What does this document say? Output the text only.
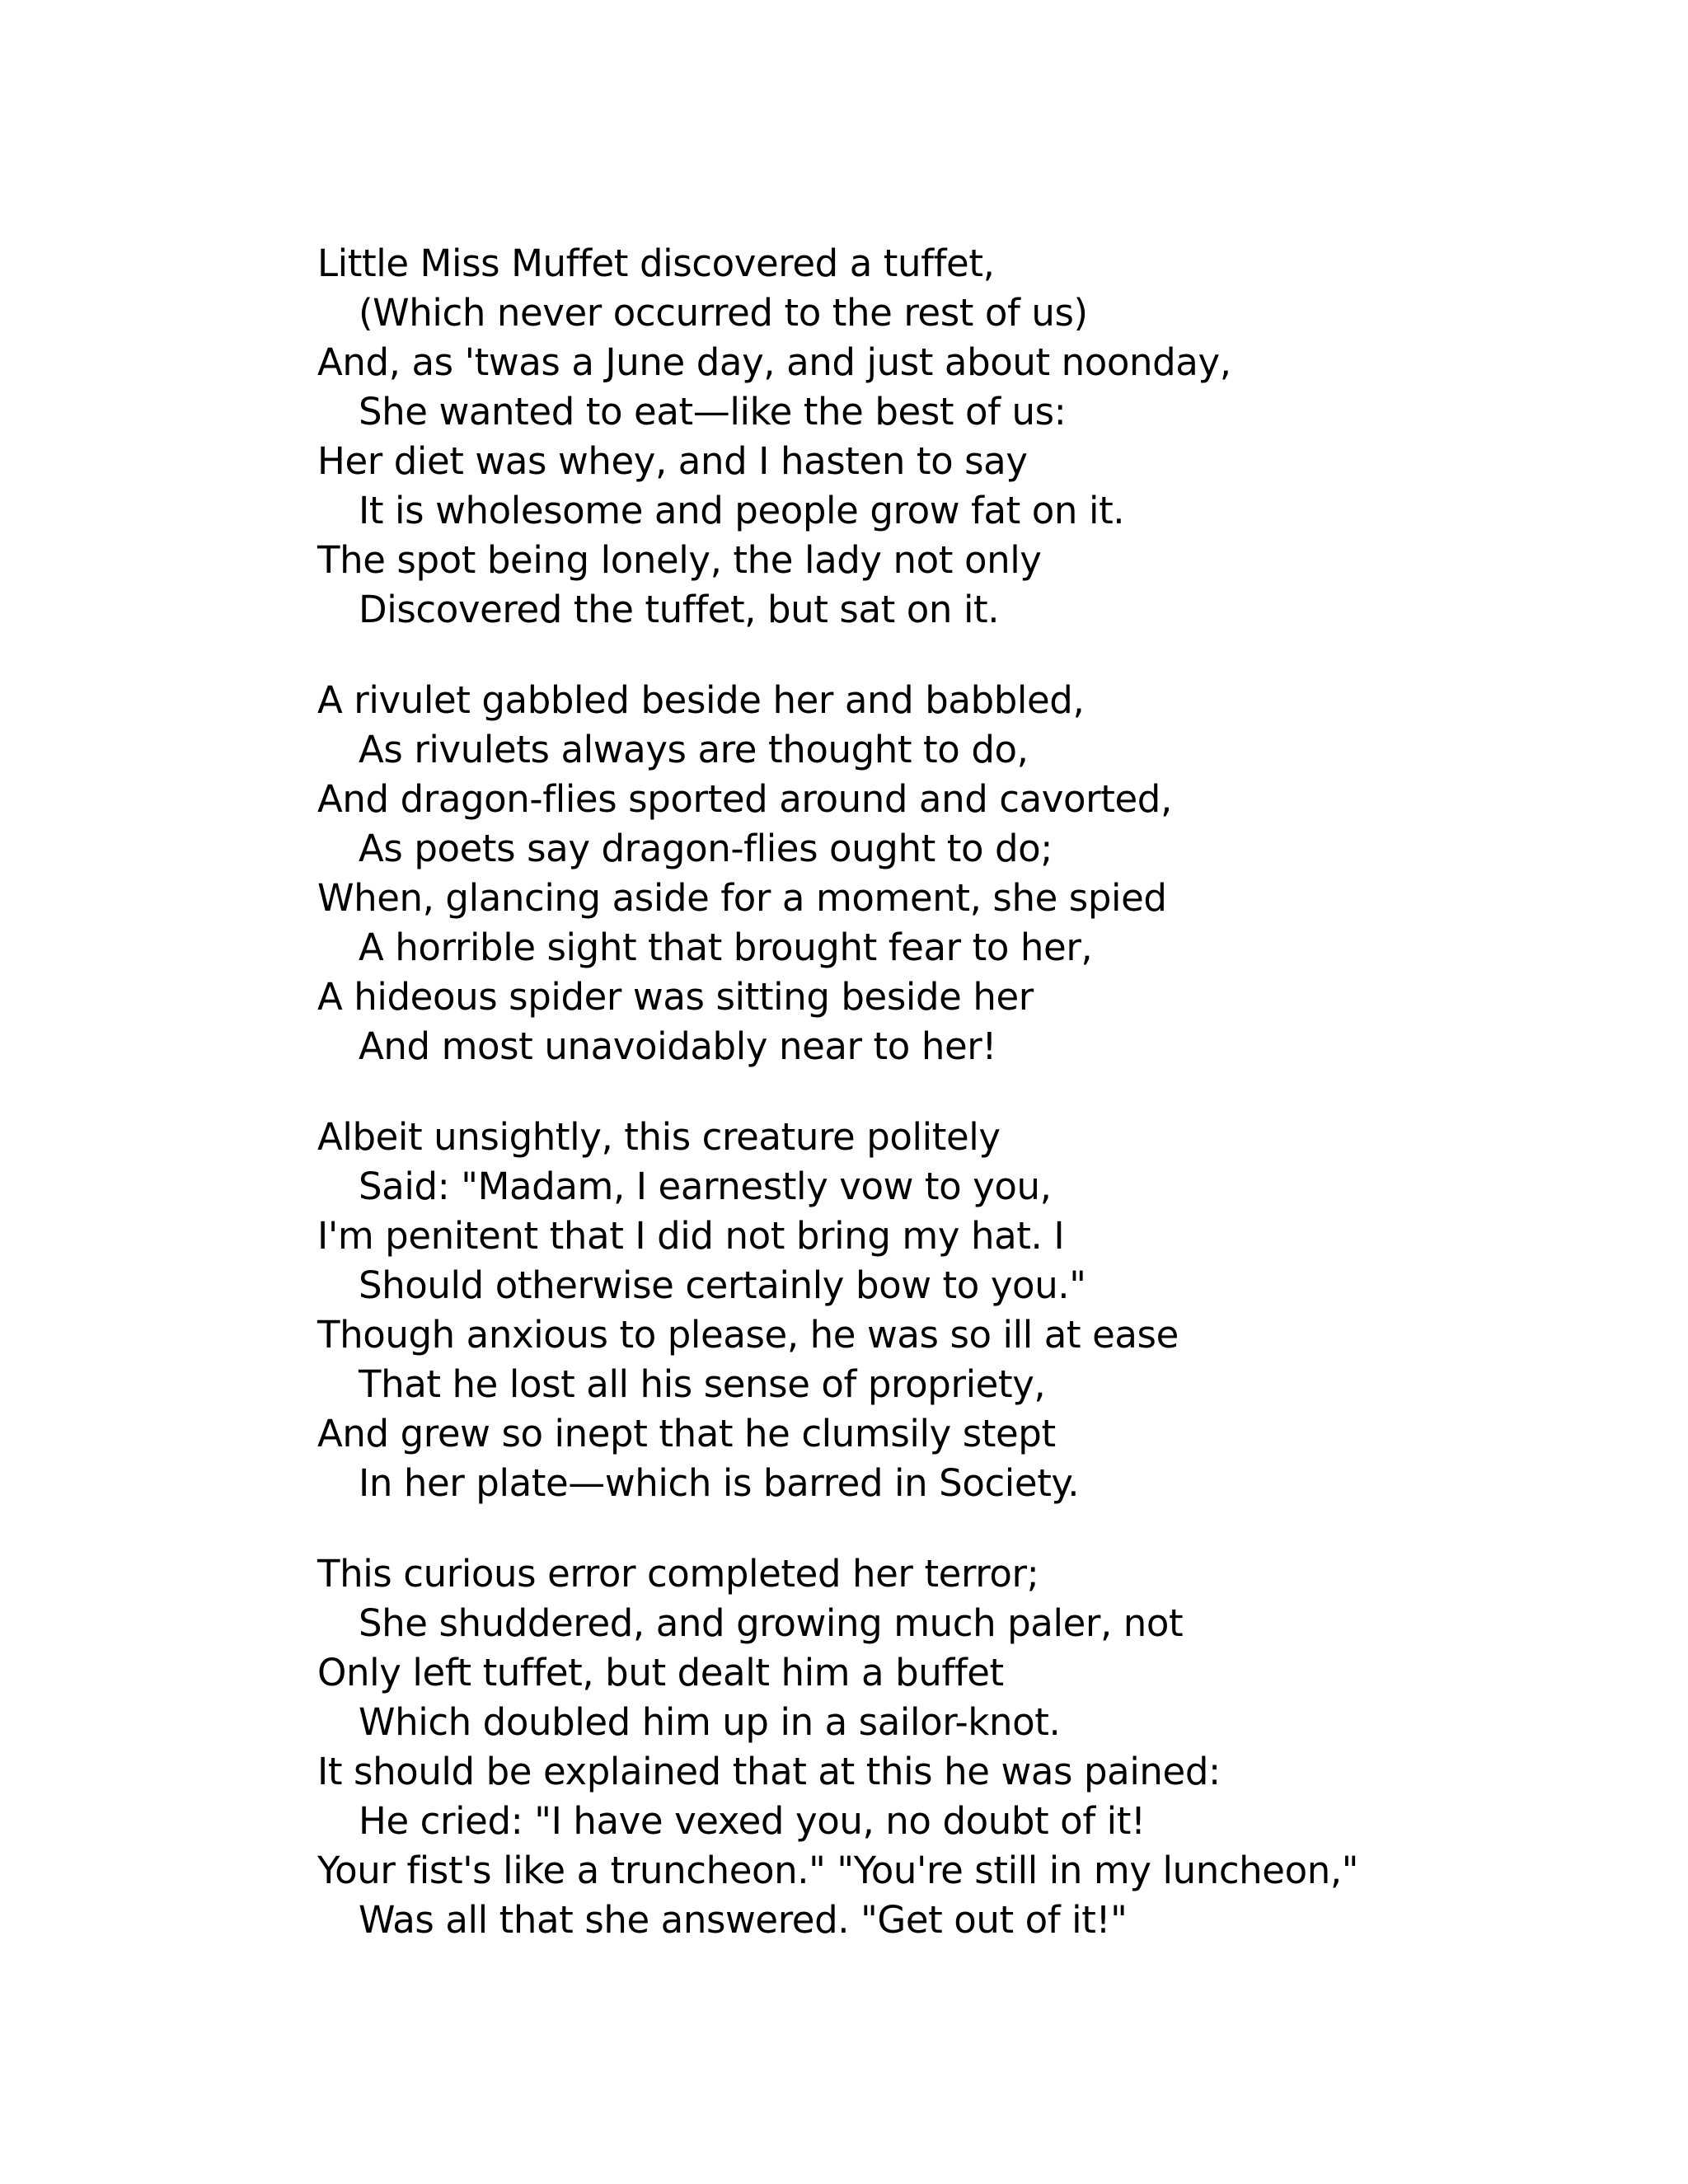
Little Miss Muffet discovered a tuffet,
(Which never occurred to the rest of us)
And, as 'twas a June day, and just about noonday,
She wanted to eat—like the best of us:
Her diet was whey, and I hasten to say
It is wholesome and people grow fat on it.
The spot being lonely, the lady not only
Discovered the tuffet, but sat on it.
A rivulet gabbled beside her and babbled,
As rivulets always are thought to do,
And dragon-flies sported around and cavorted,
As poets say dragon-flies ought to do;
When, glancing aside for a moment, she spied
A horrible sight that brought fear to her,
A hideous spider was sitting beside her
And most unavoidably near to her!
Albeit unsightly, this creature politely
Said: "Madam, I earnestly vow to you,
I'm penitent that I did not bring my hat. I
Should otherwise certainly bow to you."
Though anxious to please, he was so ill at ease
That he lost all his sense of propriety,
And grew so inept that he clumsily stept
In her plate—which is barred in Society.
This curious error completed her terror;
She shuddered, and growing much paler, not
Only left tuffet, but dealt him a buffet
Which doubled him up in a sailor-knot.
It should be explained that at this he was pained:
He cried: "I have vexed you, no doubt of it!
Your fist's like a truncheon." "You're still in my luncheon,"
Was all that she answered. "Get out of it!"
